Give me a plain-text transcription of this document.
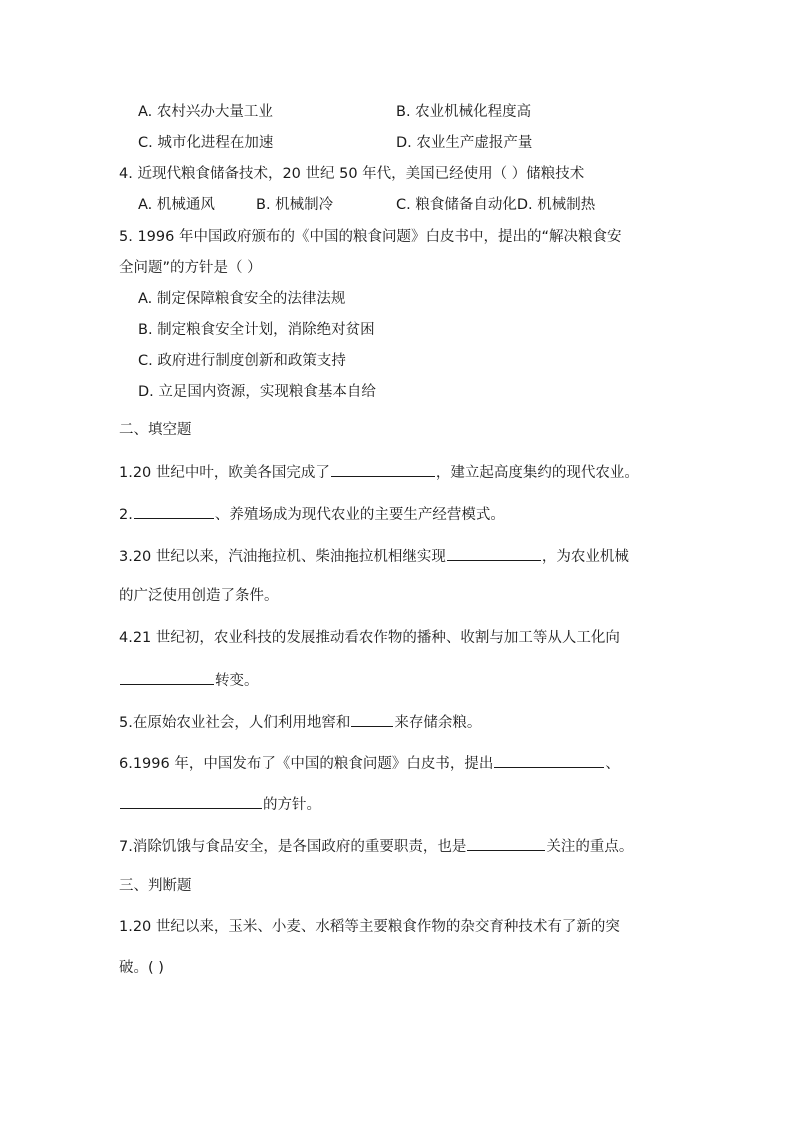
A. 农村兴办大量工业	B. 农业机械化程度高
C. 城市化进程在加速	D. 农业生产虚报产量
4. 近现代粮食储备技术，20 世纪 50 年代，美国已经使用（ ）储粮技术
A. 机械通风	B. 机械制冷	C. 粮食储备自动化D. 机械制热
5. 1996 年中国政府颁布的《中国的粮食问题》白皮书中，提出的“解决粮食安
全问题”的方针是（ ）
A. 制定保障粮食安全的法律法规
B. 制定粮食安全计划，消除绝对贫困
C. 政府进行制度创新和政策支持
D. 立足国内资源，实现粮食基本自给
二、填空题
1.20 世纪中叶，欧美各国完成了	，建立起高度集约的现代农业。
2.	、养殖场成为现代农业的主要生产经营模式。
3.20 世纪以来，汽油拖拉机、柴油拖拉机相继实现	，为农业机械
的广泛使用创造了条件。
4.21 世纪初，农业科技的发展推动看农作物的播种、收割与加工等从人工化向
转变。
5.在原始农业社会，人们利用地窖和	来存储余粮。
6.1996 年，中国发布了《中国的粮食问题》白皮书，提出	、
的方针。
7.消除饥饿与食品安全，是各国政府的重要职责，也是	关注的重点。
三、判断题
1.20 世纪以来，玉米、小麦、水稻等主要粮食作物的杂交育种技术有了新的突
破。( )
